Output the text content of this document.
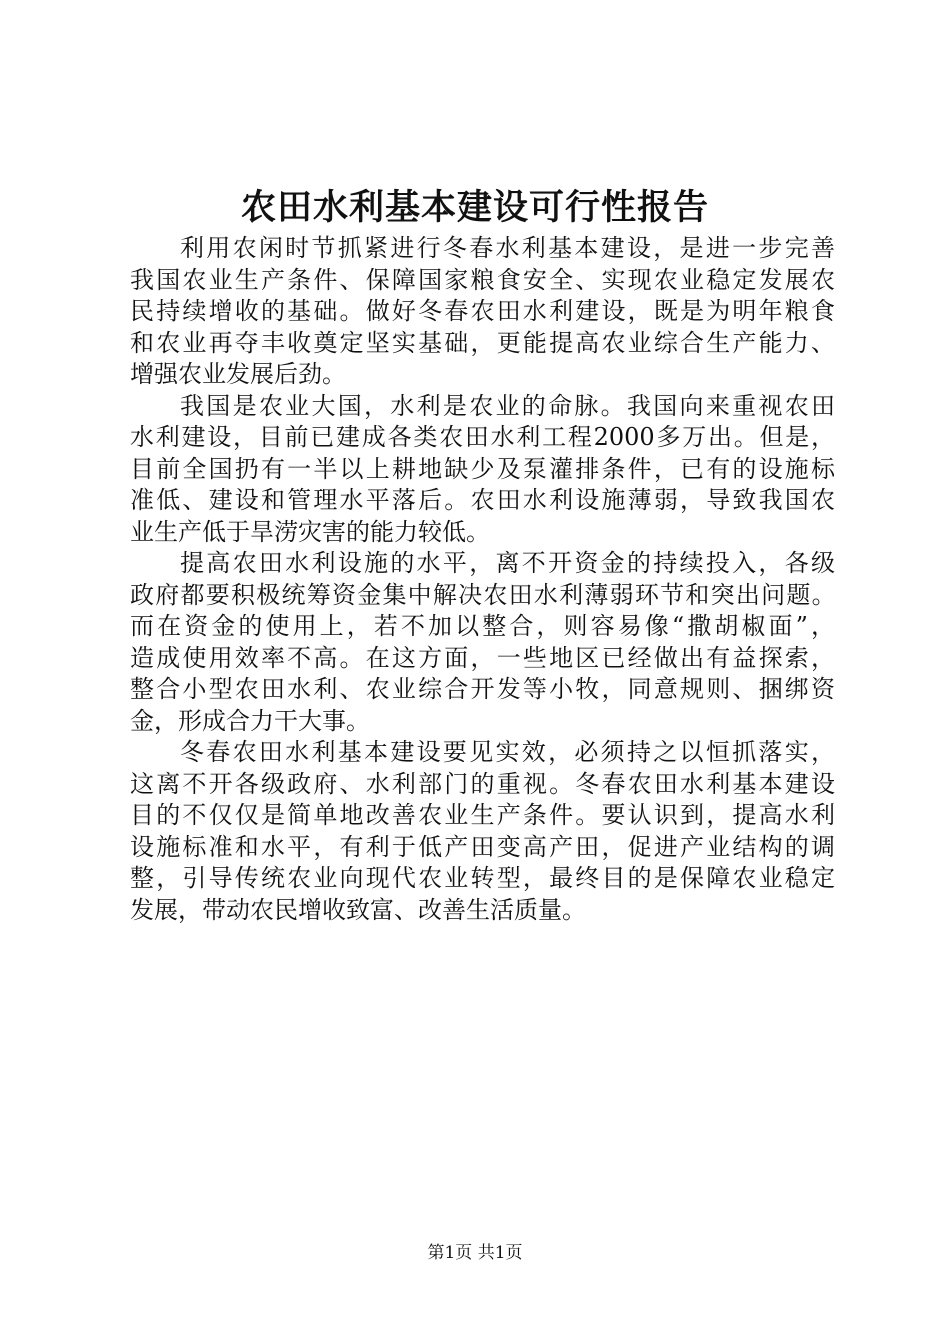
农田水利基本建设可行性报告
利用农闲时节抓紧进行冬春水利基本建设，是进一步完善
我国农业生产条件、保障国家粮食安全、实现农业稳定发展农
民持续增收的基础。做好冬春农田水利建设，既是为明年粮食
和农业再夺丰收奠定坚实基础，更能提高农业综合生产能力、
增强农业发展后劲。
我国是农业大国，水利是农业的命脉。我国向来重视农田
水利建设，目前已建成各类农田水利工程2000多万出。但是，
目前全国扔有一半以上耕地缺少及泵灌排条件，已有的设施标
准低、建设和管理水平落后。农田水利设施薄弱，导致我国农
业生产低于旱涝灾害的能力较低。
提高农田水利设施的水平，离不开资金的持续投入，各级
政府都要积极统筹资金集中解决农田水利薄弱环节和突出问题。
而在资金的使用上，若不加以整合，则容易像“撒胡椒面”，
造成使用效率不高。在这方面，一些地区已经做出有益探索，
整合小型农田水利、农业综合开发等小牧，同意规则、捆绑资
金，形成合力干大事。
冬春农田水利基本建设要见实效，必须持之以恒抓落实，
这离不开各级政府、水利部门的重视。冬春农田水利基本建设
目的不仅仅是简单地改善农业生产条件。要认识到，提高水利
设施标准和水平，有利于低产田变高产田，促进产业结构的调
整，引导传统农业向现代农业转型，最终目的是保障农业稳定
发展，带动农民增收致富、改善生活质量。
第1页 共1页
